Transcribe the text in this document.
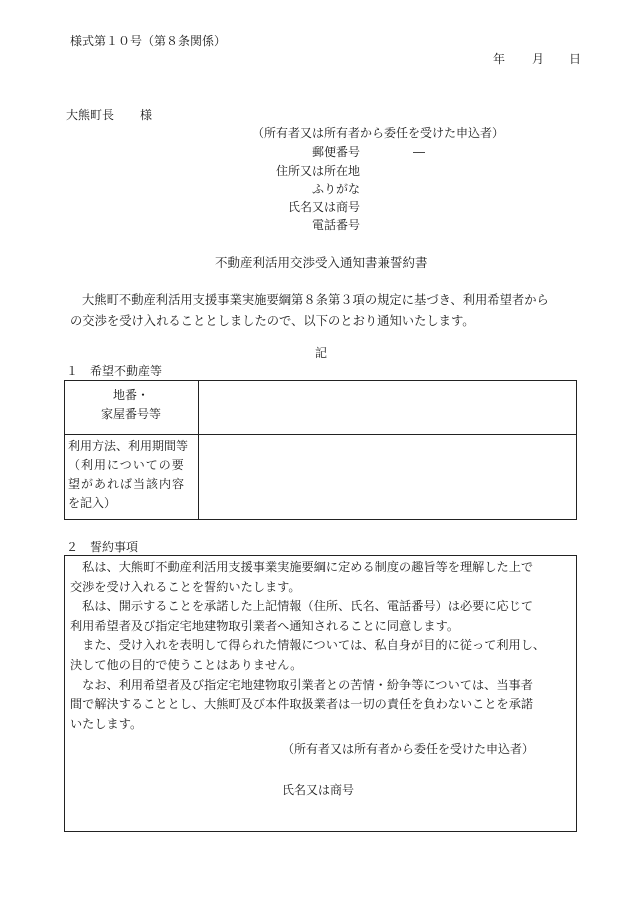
様式第１０号（第８条関係）
年 月 日
大熊町長 様
（所有者又は所有者から委任を受けた申込者）
郵便番号	―
住所又は所在地
ふりがな
氏名又は商号
電話番号
不動産利活用交渉受入通知書兼誓約書
大熊町不動産利活用支援事業実施要綱第８条第３項の規定に基づき、利用希望者から
の交渉を受け入れることとしましたので、以下のとおり通知いたします。
記
１　希望不動産等
地番・
家屋番号等
利用方法、利用期間等
（利用についての要
望があれば当該内容
を記入）
２　誓約事項
　私は、大熊町不動産利活用支援事業実施要綱に定める制度の趣旨等を理解した上で
交渉を受け入れることを誓約いたします。
　私は、開示することを承諾した上記情報（住所、氏名、電話番号）は必要に応じて
利用希望者及び指定宅地建物取引業者へ通知されることに同意します。
　また、受け入れを表明して得られた情報については、私自身が目的に従って利用し、
決して他の目的で使うことはありません。
　なお、利用希望者及び指定宅地建物取引業者との苦情・紛争等については、当事者
間で解決することとし、大熊町及び本件取扱業者は一切の責任を負わないことを承諾
いたします。
（所有者又は所有者から委任を受けた申込者）
氏名又は商号
